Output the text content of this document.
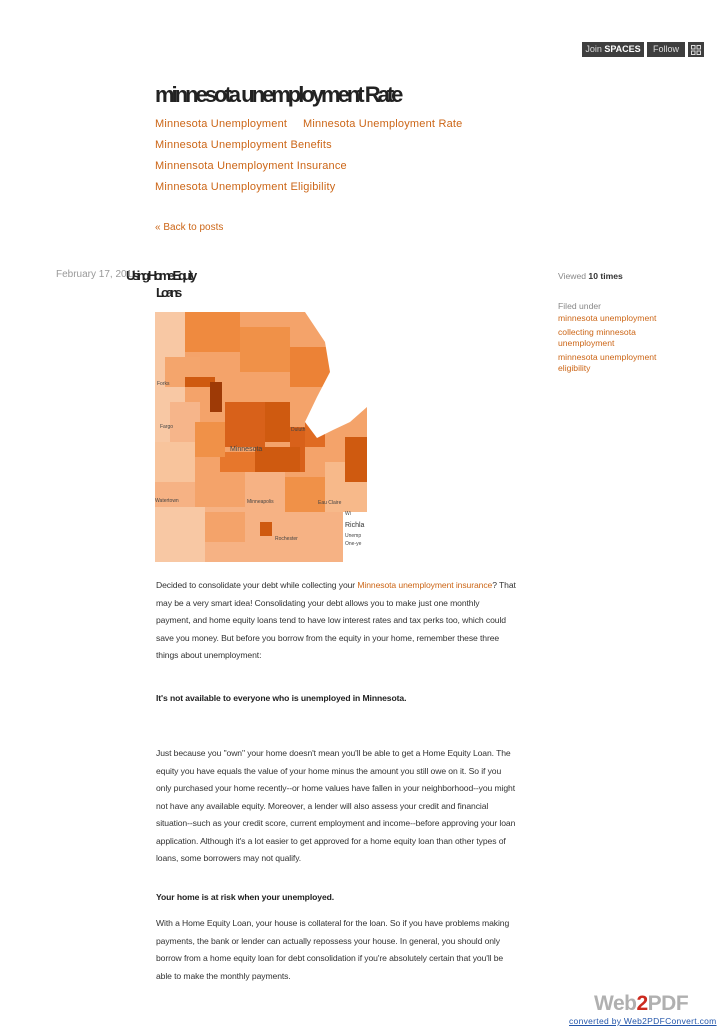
Join SPACES	Follow
minnesota unemployment Rate
Minnesota Unemployment Minnesota Unemployment Rate
Minnesota Unemployment Benefits
Minnensota Unemployment Insurance
Minnesota Unemployment Eligibility
« Back to posts
February 17, 2011
Using Home Equity
Loans
Forks
Fargo	Duluth
Minnesota
Minneapolis	Eau Claire
Watertown
Rochester
Wi
Richla
Unemp
One-ye
Decided to consolidate your debt while collecting your Minnesota unemployment insurance? That may be a very smart idea! Consolidating your debt allows you to make just one monthly payment, and home equity loans tend to have low interest rates and tax perks too, which could save you money. But before you borrow from the equity in your home, remember these three things about unemployment:
It's not available to everyone who is unemployed in Minnesota.
Just because you "own" your home doesn't mean you'll be able to get a Home Equity Loan. The equity you have equals the value of your home minus the amount you still owe on it. So if you only purchased your home recently--or home values have fallen in your neighborhood--you might not have any available equity. Moreover, a lender will also assess your credit and financial situation--such as your credit score, current employment and income--before approving your loan application. Although it's a lot easier to get approved for a home equity loan than other types of loans, some borrowers may not qualify.
Your home is at risk when your unemployed.
With a Home Equity Loan, your house is collateral for the loan. So if you have problems making payments, the bank or lender can actually repossess your house. In general, you should only borrow from a home equity loan for debt consolidation if you're absolutely certain that you'll be able to make the monthly payments.
Viewed 10 times
Filed under
minnesota unemployment
collecting minnesota unemployment
minnesota unemployment eligibility
Web2PDF
converted by Web2PDFConvert.com
